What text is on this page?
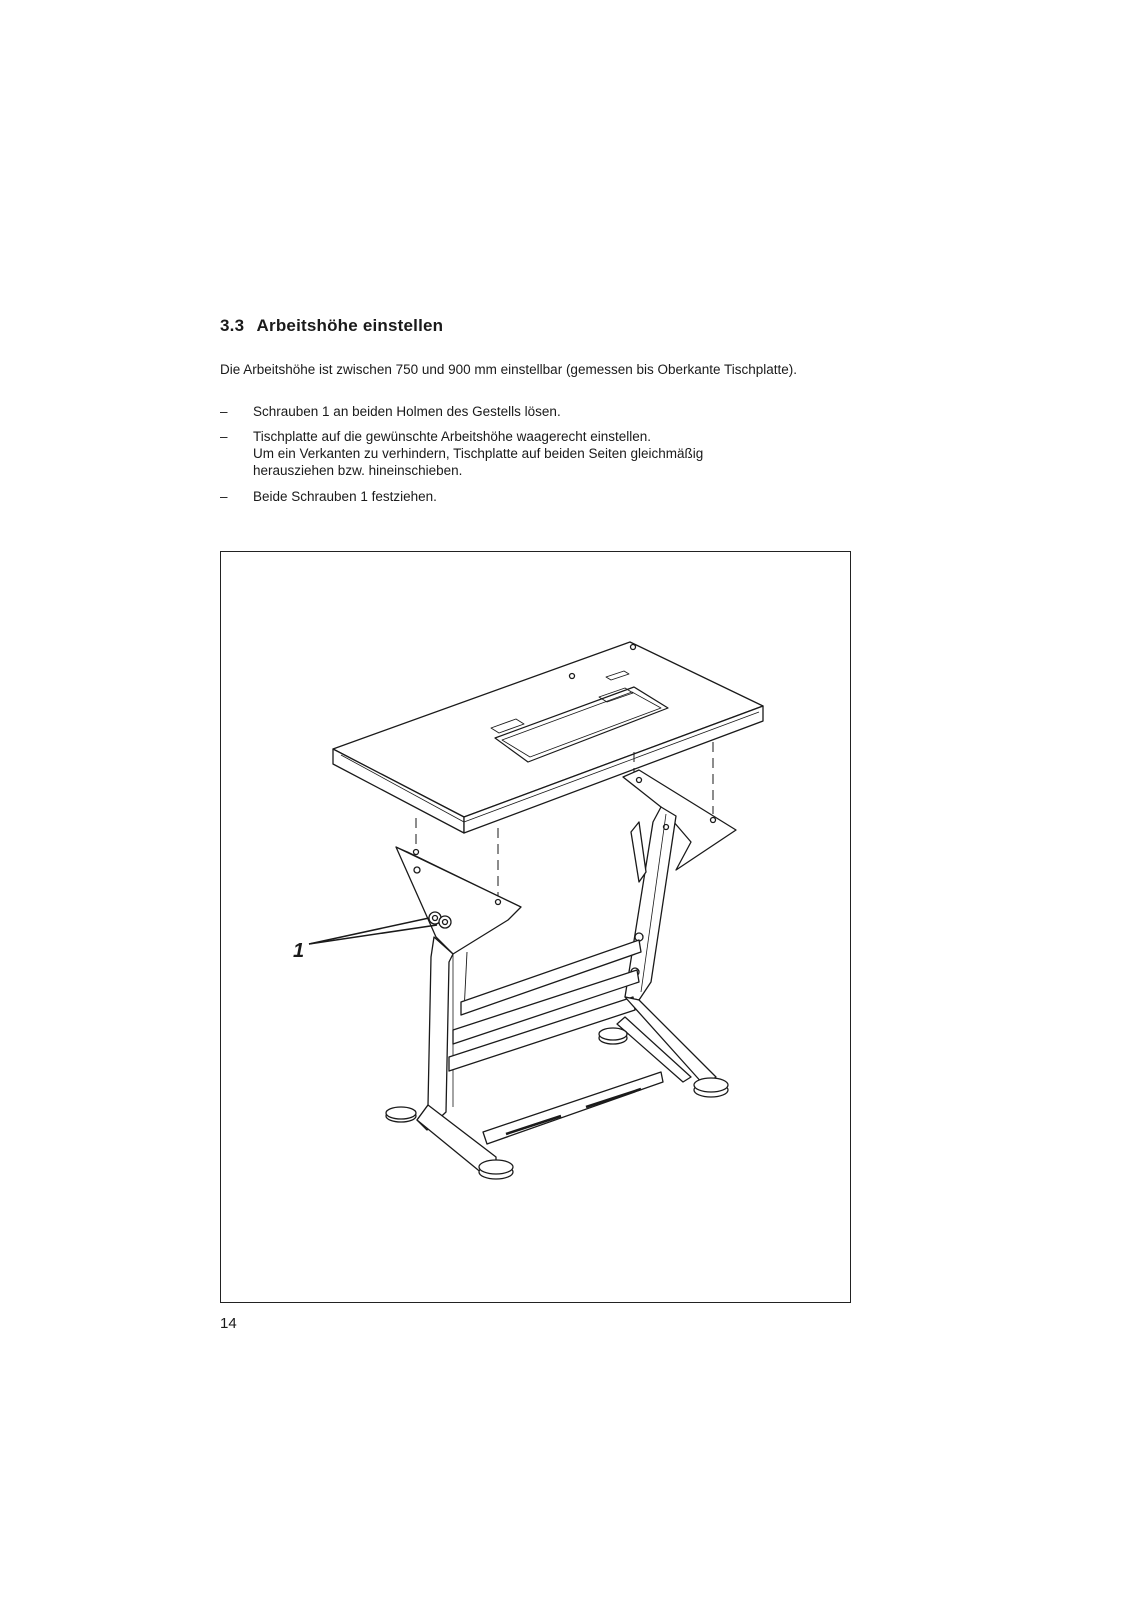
3.3 Arbeitshöhe einstellen
Die Arbeitshöhe ist zwischen 750 und 900 mm einstellbar (gemessen bis Oberkante Tischplatte).
–	Schrauben 1 an beiden Holmen des Gestells lösen.
–	Tischplatte auf die gewünschte Arbeitshöhe waagerecht einstellen.
Um ein Verkanten zu verhindern, Tischplatte auf beiden Seiten gleichmäßig
herausziehen bzw. hineinschieben.
–	Beide Schrauben 1 festziehen.
1
14
